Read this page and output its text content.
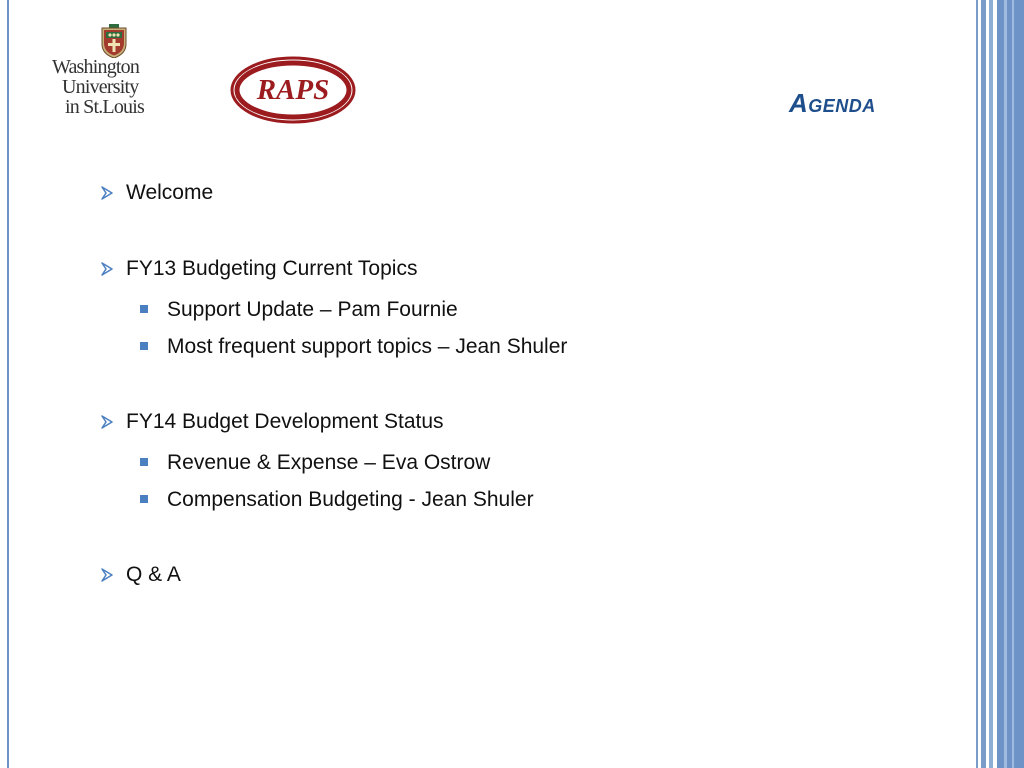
Washington
University
in St.Louis
RAPS	Agenda
Welcome
FY13 Budgeting Current Topics
Support Update – Pam Fournie
Most frequent support topics – Jean Shuler
FY14 Budget Development Status
Revenue & Expense – Eva Ostrow
Compensation Budgeting - Jean Shuler
Q & A
